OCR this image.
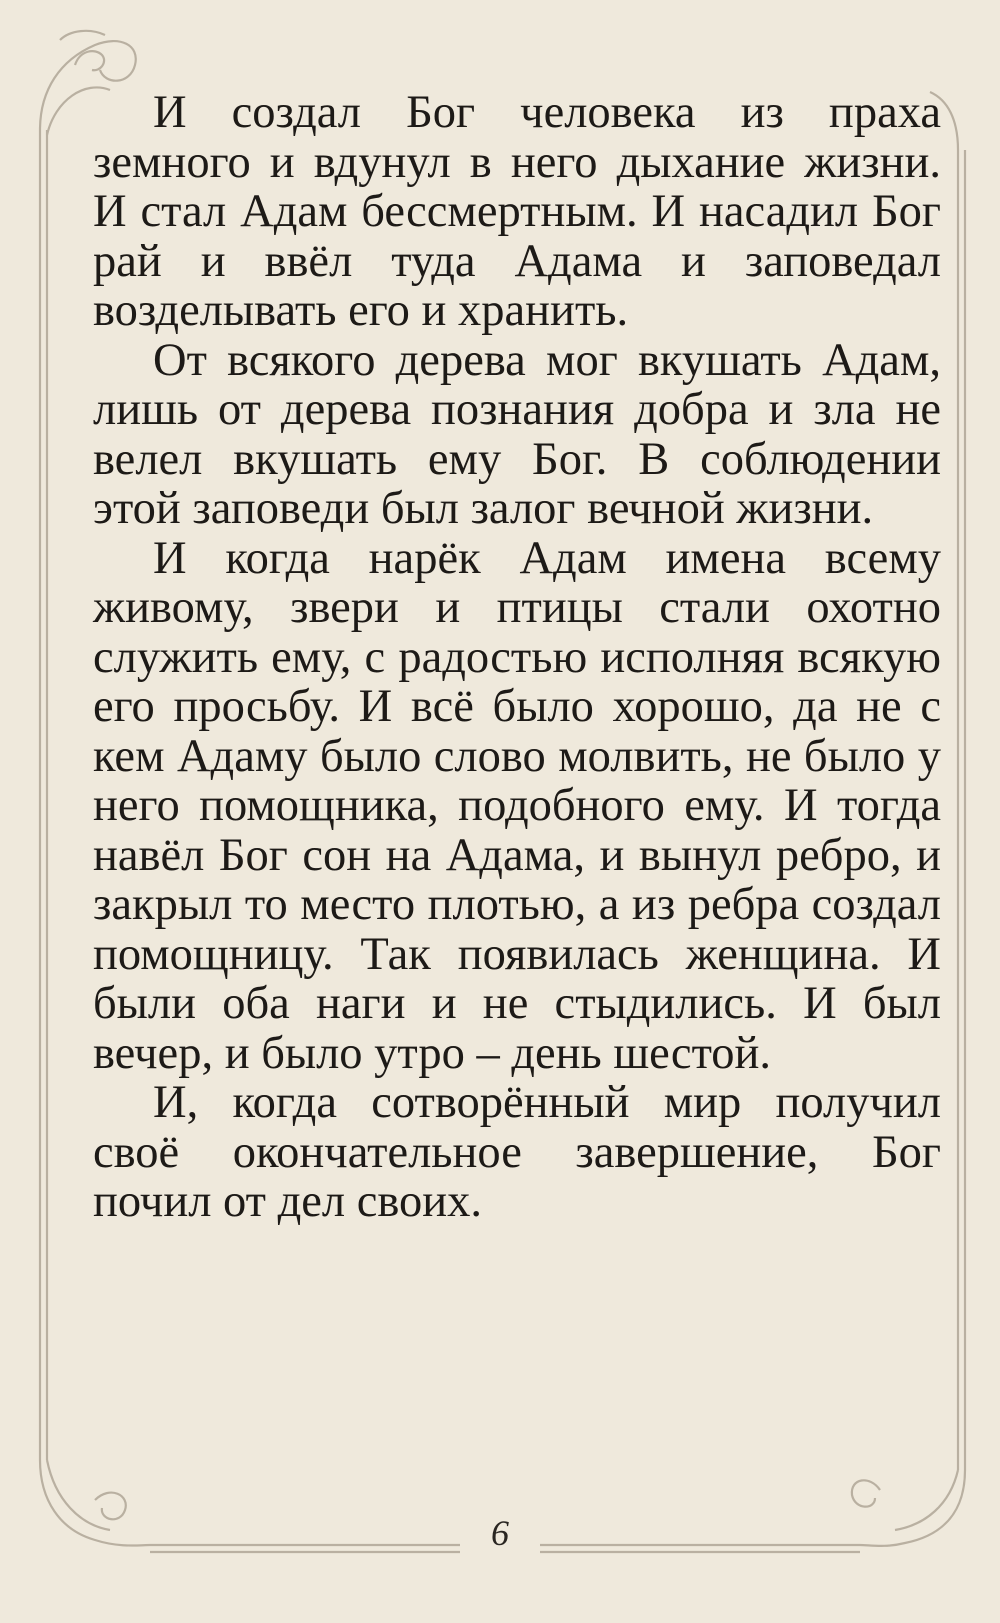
И создал Бог человека из праха земного и вдунул в него дыхание жизни. И стал Адам бессмертным. И насадил Бог рай и ввёл туда Адама и заповедал возделывать его и хранить.

От всякого дерева мог вкушать Адам, лишь от дерева познания добра и зла не велел вкушать ему Бог. В соблюдении этой заповеди был залог вечной жизни.

И когда нарёк Адам имена всему живому, звери и птицы стали охотно служить ему, с радостью исполняя всякую его просьбу. И всё было хорошо, да не с кем Адаму было слово молвить, не было у него помощника, подобного ему. И тогда навёл Бог сон на Адама, и вынул ребро, и закрыл то место плотью, а из ребра создал помощницу. Так появилась женщина. И были оба наги и не стыдились. И был вечер, и было утро – день шестой.

И, когда сотворённый мир получил своё окончательное завершение, Бог почил от дел своих.

6
